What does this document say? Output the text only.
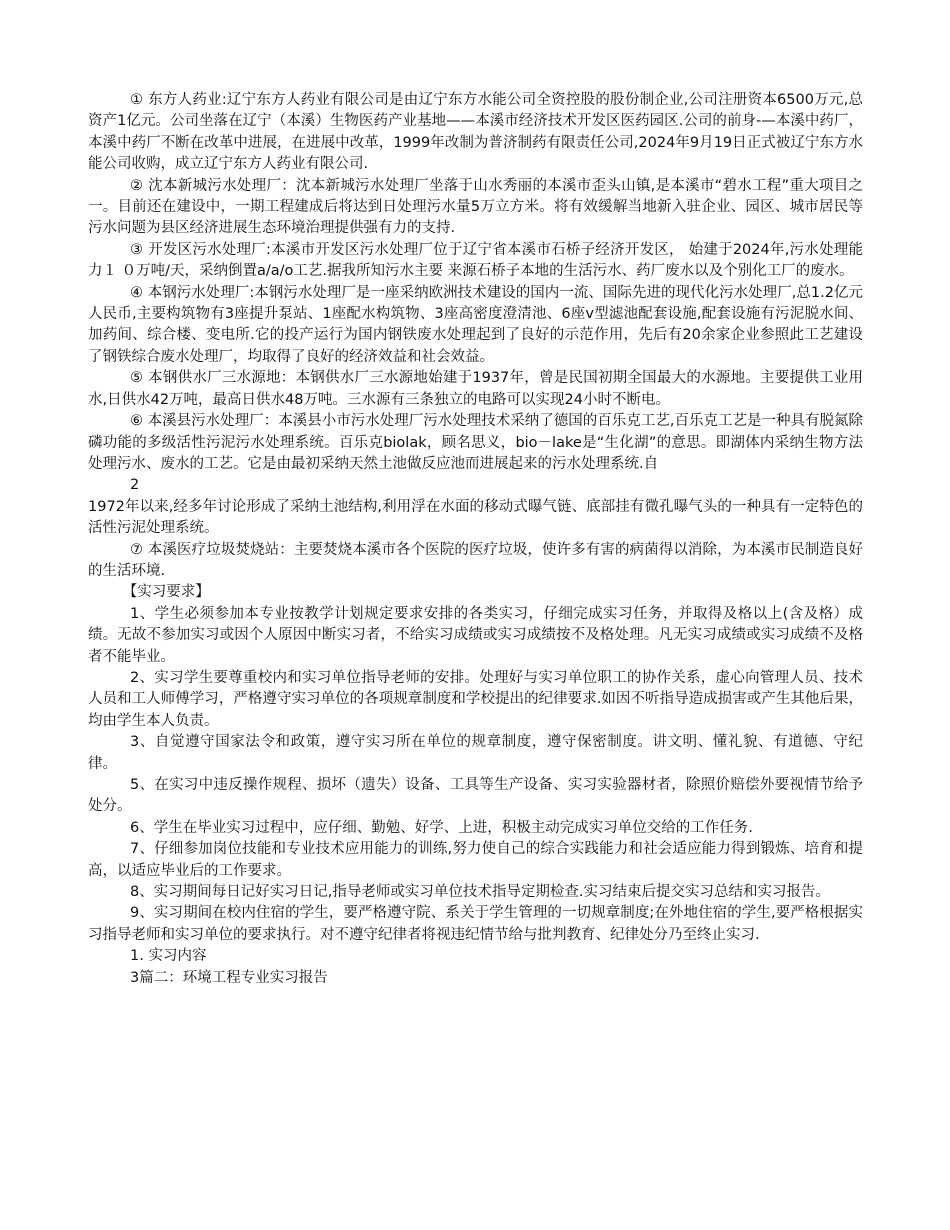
① 东方人药业:辽宁东方人药业有限公司是由辽宁东方水能公司全资控股的股份制企业,公司注册资本6500万元,总资产1亿元。公司坐落在辽宁（本溪）生物医药产业基地——本溪市经济技术开发区医药园区.公司的前身-—本溪中药厂，本溪中药厂不断在改革中进展，在进展中改革，1999年改制为普济制药有限责任公司,2024年9月19日正式被辽宁东方水能公司收购，成立辽宁东方人药业有限公司.

② 沈本新城污水处理厂：沈本新城污水处理厂坐落于山水秀丽的本溪市歪头山镇,是本溪市“碧水工程”重大项目之一。目前还在建设中，一期工程建成后将达到日处理污水量5万立方米。将有效缓解当地新入驻企业、园区、城市居民等污水问题为县区经济进展生态环境治理提供强有力的支持.

③ 开发区污水处理厂:本溪市开发区污水处理厂位于辽宁省本溪市石桥子经济开发区， 始建于2024年,污水处理能力１ ０万吨/天，采纳倒置a/a/o工艺.据我所知污水主要 来源石桥子本地的生活污水、药厂废水以及个别化工厂的废水。

④ 本钢污水处理厂:本钢污水处理厂是一座采纳欧洲技术建设的国内一流、国际先进的现代化污水处理厂,总1.2亿元人民币,主要构筑物有3座提升泵站、1座配水构筑物、3座高密度澄清池、6座v型滤池配套设施,配套设施有污泥脱水间、加药间、综合楼、变电所.它的投产运行为国内钢铁废水处理起到了良好的示范作用，先后有20余家企业参照此工艺建设了钢铁综合废水处理厂，均取得了良好的经济效益和社会效益。

⑤ 本钢供水厂三水源地：本钢供水厂三水源地始建于1937年，曾是民国初期全国最大的水源地。主要提供工业用水,日供水42万吨，最高日供水48万吨。三水源有三条独立的电路可以实现24小时不断电。

⑥ 本溪县污水处理厂：本溪县小市污水处理厂污水处理技术采纳了德国的百乐克工艺,百乐克工艺是一种具有脱氮除磷功能的多级活性污泥污水处理系统。百乐克biolak，顾名思义，bio－lake是“生化湖”的意思。即湖体内采纳生物方法处理污水、废水的工艺。它是由最初采纳天然土池做反应池而进展起来的污水处理系统.自

2

1972年以来,经多年讨论形成了采纳土池结构,利用浮在水面的移动式曝气链、底部挂有微孔曝气头的一种具有一定特色的活性污泥处理系统。

⑦ 本溪医疗垃圾焚烧站：主要焚烧本溪市各个医院的医疗垃圾，使许多有害的病菌得以消除，为本溪市民制造良好的生活环境.

【实习要求】

1、学生必须参加本专业按教学计划规定要求安排的各类实习，仔细完成实习任务，并取得及格以上(含及格）成绩。无故不参加实习或因个人原因中断实习者，不给实习成绩或实习成绩按不及格处理。凡无实习成绩或实习成绩不及格者不能毕业。

2、实习学生要尊重校内和实习单位指导老师的安排。处理好与实习单位职工的协作关系，虚心向管理人员、技术人员和工人师傅学习，严格遵守实习单位的各项规章制度和学校提出的纪律要求.如因不听指导造成损害或产生其他后果，均由学生本人负责。

3、自觉遵守国家法令和政策，遵守实习所在单位的规章制度，遵守保密制度。讲文明、懂礼貌、有道德、守纪律。

5、在实习中违反操作规程、损坏（遗失）设备、工具等生产设备、实习实验器材者，除照价赔偿外要视情节给予处分。

6、学生在毕业实习过程中，应仔细、勤勉、好学、上进，积极主动完成实习单位交给的工作任务.

7、仔细参加岗位技能和专业技术应用能力的训练,努力使自己的综合实践能力和社会适应能力得到锻炼、培育和提高，以适应毕业后的工作要求。

8、实习期间每日记好实习日记,指导老师或实习单位技术指导定期检查.实习结束后提交实习总结和实习报告。

9、实习期间在校内住宿的学生，要严格遵守院、系关于学生管理的一切规章制度;在外地住宿的学生,要严格根据实习指导老师和实习单位的要求执行。对不遵守纪律者将视违纪情节给与批判教育、纪律处分乃至终止实习.

1. 实习内容

3篇二：环境工程专业实习报告
